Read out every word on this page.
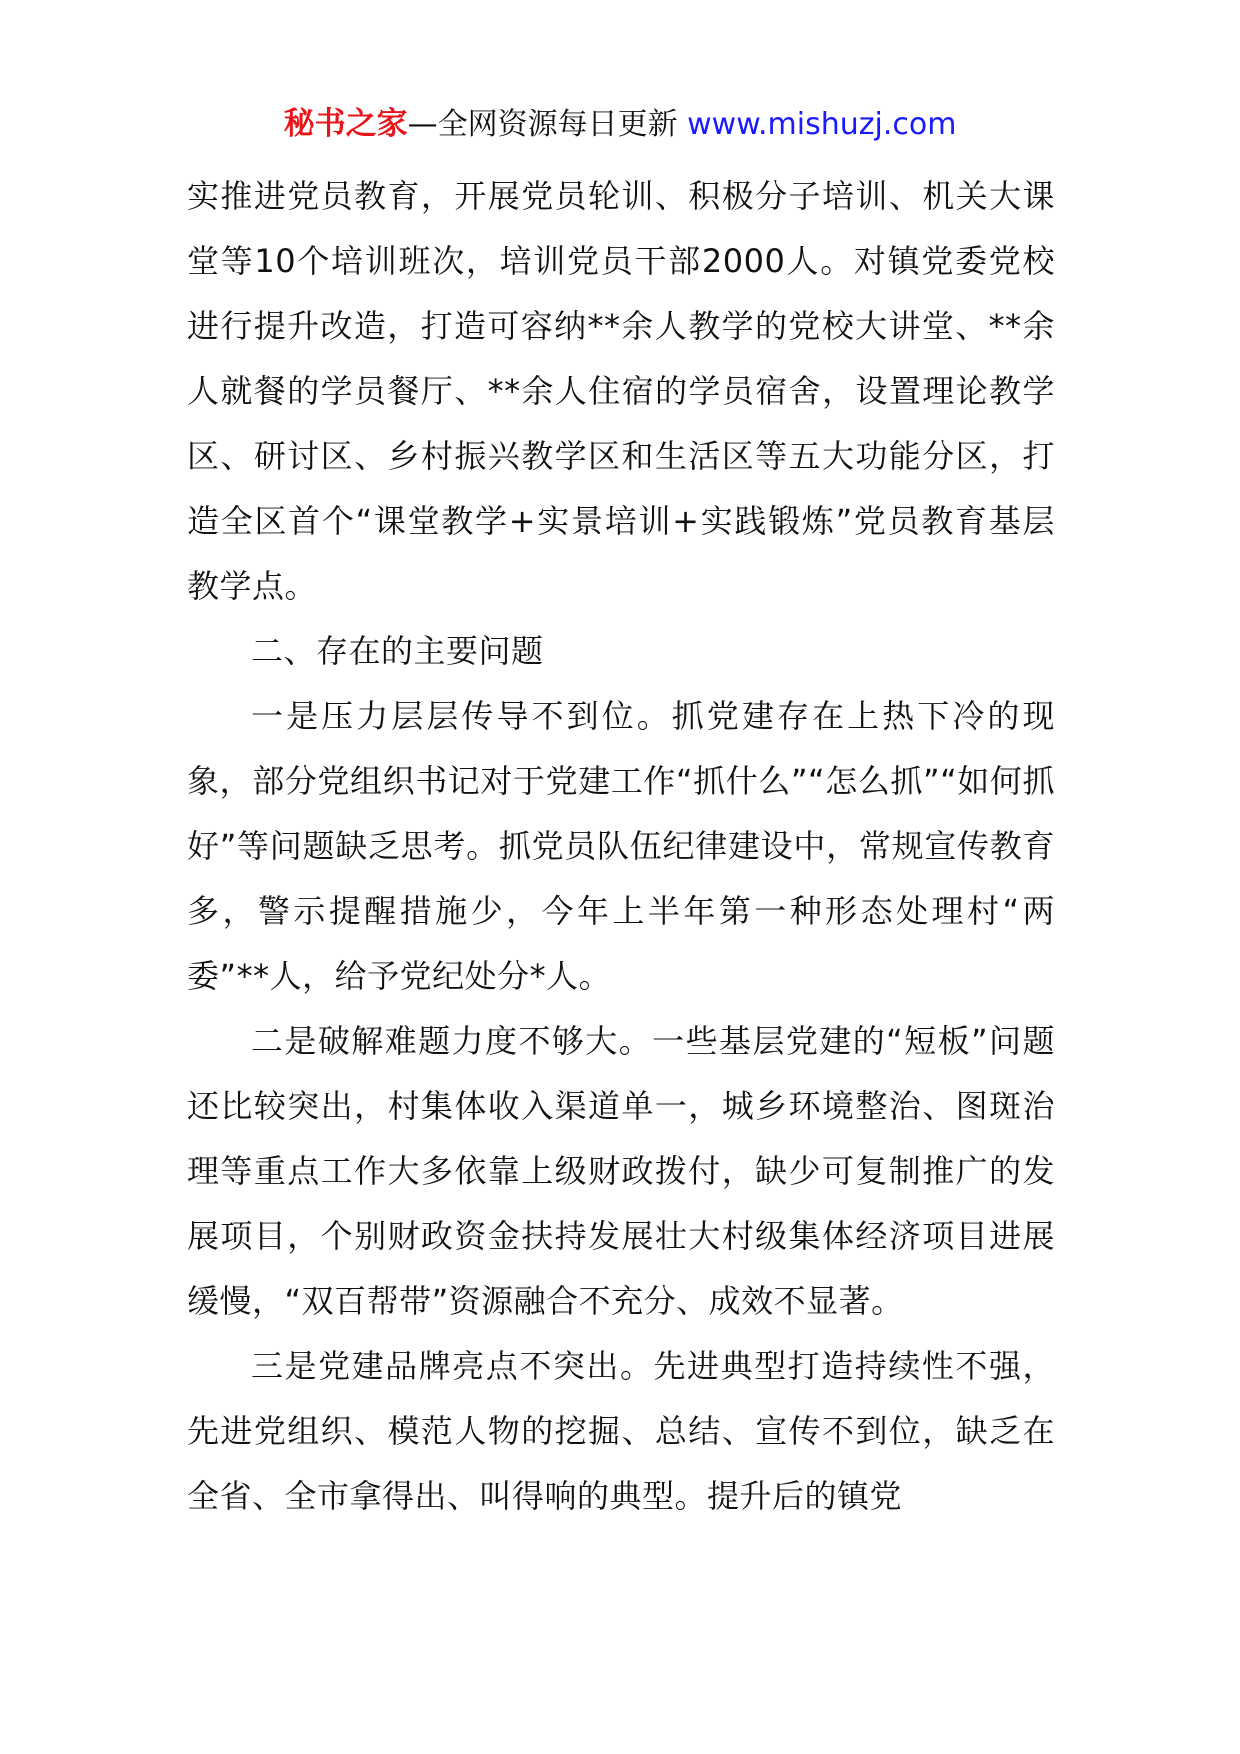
秘书之家—全网资源每日更新 www.mishuzj.com

实推进党员教育，开展党员轮训、积极分子培训、机关大课堂等10个培训班次，培训党员干部2000人。对镇党委党校进行提升改造，打造可容纳**余人教学的党校大讲堂、**余人就餐的学员餐厅、**余人住宿的学员宿舍，设置理论教学区、研讨区、乡村振兴教学区和生活区等五大功能分区，打造全区首个“课堂教学+实景培训+实践锻炼”党员教育基层教学点。

二、存在的主要问题

一是压力层层传导不到位。抓党建存在上热下冷的现象，部分党组织书记对于党建工作“抓什么”“怎么抓”“如何抓好”等问题缺乏思考。抓党员队伍纪律建设中，常规宣传教育多，警示提醒措施少，今年上半年第一种形态处理村“两委”**人，给予党纪处分*人。

二是破解难题力度不够大。一些基层党建的“短板”问题还比较突出，村集体收入渠道单一，城乡环境整治、图斑治理等重点工作大多依靠上级财政拨付，缺少可复制推广的发展项目，个别财政资金扶持发展壮大村级集体经济项目进展缓慢，“双百帮带”资源融合不充分、成效不显著。

三是党建品牌亮点不突出。先进典型打造持续性不强，先进党组织、模范人物的挖掘、总结、宣传不到位，缺乏在全省、全市拿得出、叫得响的典型。提升后的镇党
